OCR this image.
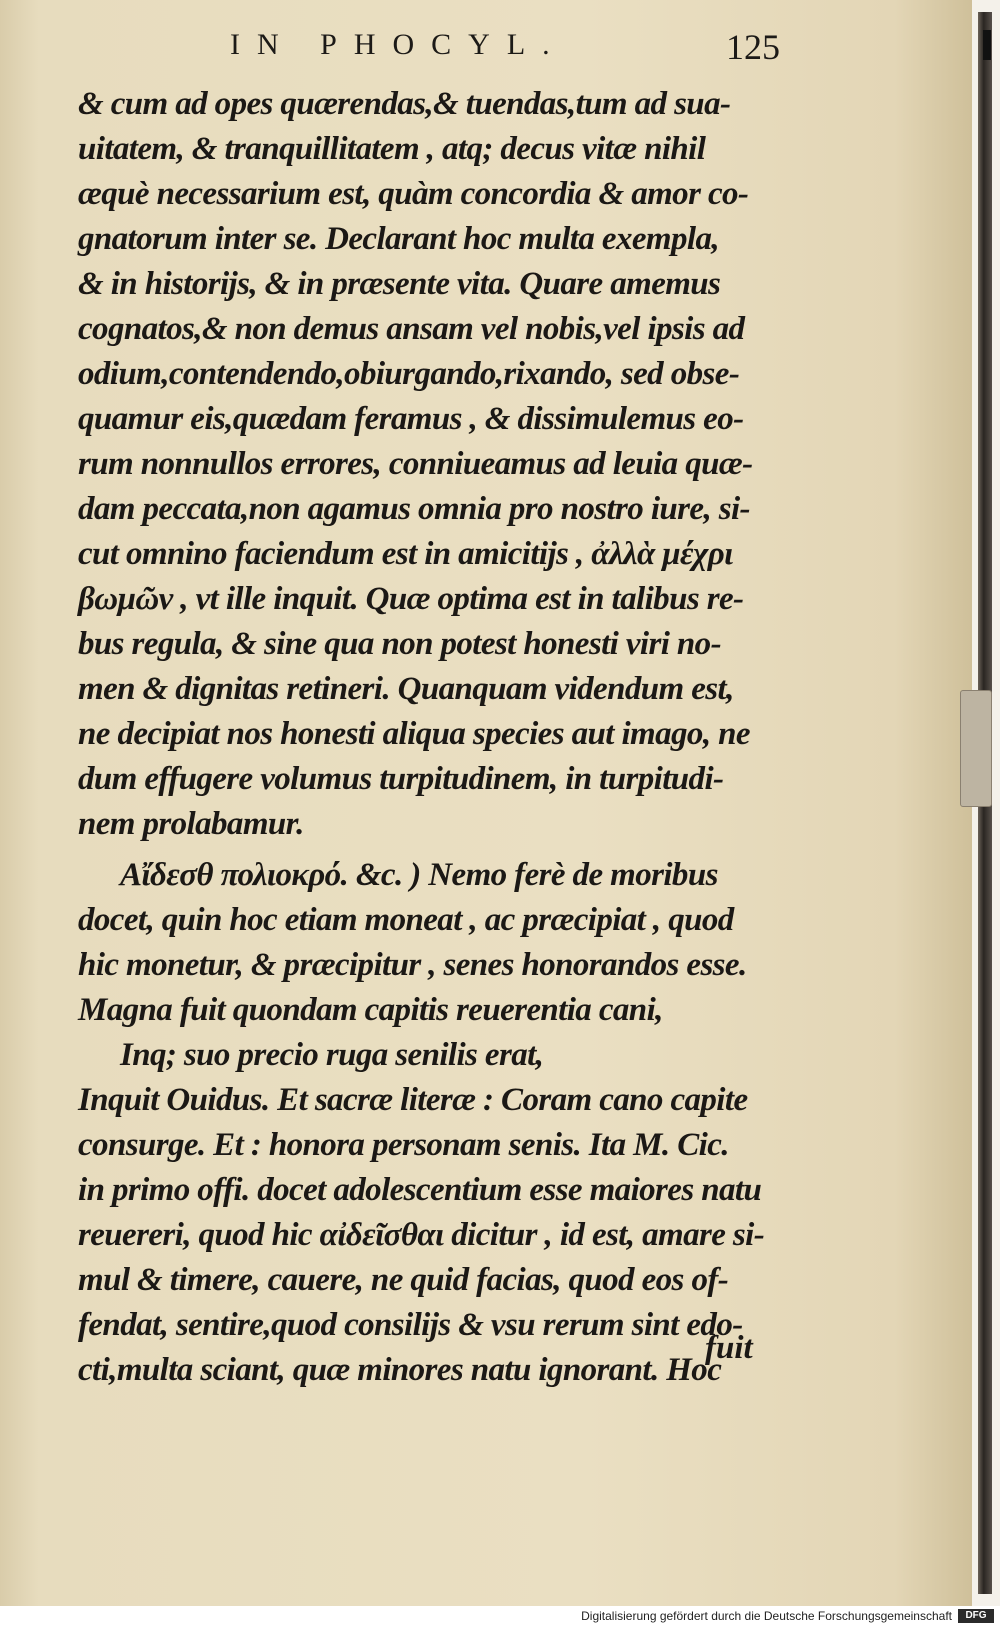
IN PHOCYL.	125
& cum ad opes quærendas,& tuendas,tum ad sua-
uitatem, & tranquillitatem , atq; decus vitæ nihil
æquè necessarium est, quàm concordia & amor co-
gnatorum inter se. Declarant hoc multa exempla,
& in historijs, & in præsente vita. Quare amemus
cognatos,& non demus ansam vel nobis,vel ipsis ad
odium,contendendo,obiurgando,rixando, sed obse-
quamur eis,quædam feramus , & dissimulemus eo-
rum nonnullos errores, conniueamus ad leuia quæ-
dam peccata,non agamus omnia pro nostro iure, si-
cut omnino faciendum est in amicitijs , ἀλλὰ μέχρι
βωμῶν , vt ille inquit. Quæ optima est in talibus re-
bus regula, & sine qua non potest honesti viri no-
men & dignitas retineri. Quanquam videndum est,
ne decipiat nos honesti aliqua species aut imago, ne
dum effugere volumus turpitudinem, in turpitudi-
nem prolabamur.
Αἴδεσθ πολιοκρό. &c. ) Nemo ferè de moribus
docet, quin hoc etiam moneat , ac præcipiat , quod
hic monetur, & præcipitur , senes honorandos esse.
Magna fuit quondam capitis reuerentia cani,
Inq; suo precio ruga senilis erat,
Inquit Ouidus. Et sacræ literæ : Coram cano capite
consurge. Et : honora personam senis. Ita M. Cic.
in primo offi. docet adolescentium esse maiores natu
reuereri, quod hic αἰδεῖσθαι dicitur , id est, amare si-
mul & timere, cauere, ne quid facias, quod eos of-
fendat, sentire,quod consilijs & vsu rerum sint edo-
cti,multa sciant, quæ minores natu ignorant. Hoc
fuit
Digitalisierung gefördert durch die Deutsche Forschungsgemeinschaft	DFG
